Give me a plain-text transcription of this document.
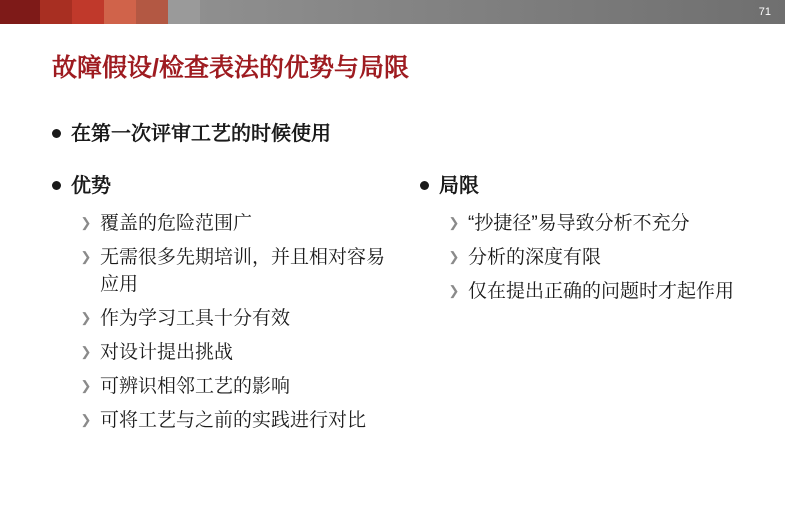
71
故障假设/检查表法的优势与局限
在第一次评审工艺的时候使用
优势
❯ 覆盖的危险范围广
❯ 无需很多先期培训，并且相对容易应用
❯ 作为学习工具十分有效
❯ 对设计提出挑战
❯ 可辨识相邻工艺的影响
❯ 可将工艺与之前的实践进行对比
局限
❯ “抄捷径”易导致分析不充分
❯ 分析的深度有限
❯ 仅在提出正确的问题时才起作用
